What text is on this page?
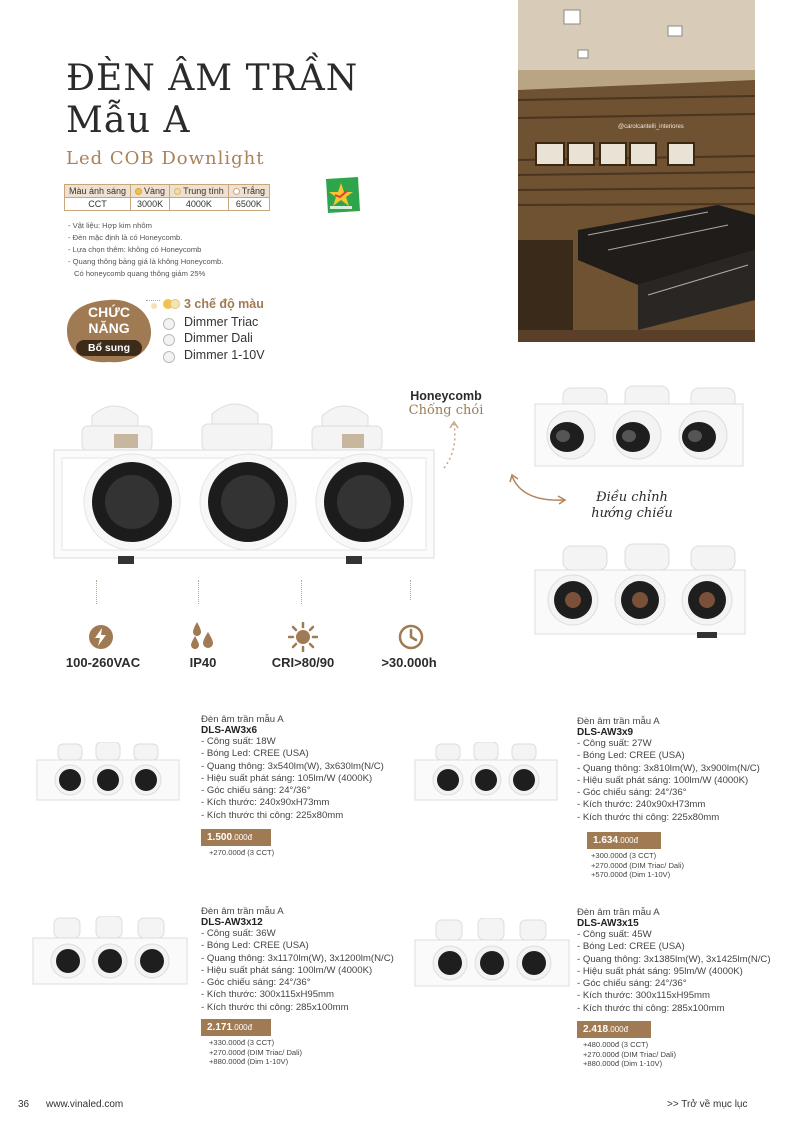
ĐÈN ÂM TRẦN
Mẫu A
Led COB Downlight
Màu ánh sáng	Vàng	Trung tính	Trắng
CCT	3000K	4000K	6500K
- Vật liệu: Hợp kim nhôm
- Đèn mặc định là có Honeycomb.
- Lựa chọn thêm: không có Honeycomb
- Quang thông bảng giá là không Honeycomb.
Có honeycomb quang thông giảm 25%
@carolcantelli_interiores
CHỨC
NĂNG
Bổ sung
3 chế độ màu
Dimmer Triac
Dimmer Dali
Dimmer 1-10V
Honeycomb
Chống chói
Điều chỉnh
hướng chiếu
100-260VAC	IP40	CRI>80/90	>30.000h
Đèn âm trần mẫu A
DLS-AW3x6
- Công suất: 18W
- Bóng Led: CREE (USA)
- Quang thông: 3x540lm(W), 3x630lm(N/C)
- Hiệu suất phát sáng: 105lm/W (4000K)
- Góc chiếu sáng: 24°/36°
- Kích thước: 240x90xH73mm
- Kích thước thi công: 225x80mm
1.500.000đ
+270.000đ (3 CCT)
Đèn âm trần mẫu A
DLS-AW3x9
- Công suất: 27W
- Bóng Led: CREE (USA)
- Quang thông: 3x810lm(W), 3x900lm(N/C)
- Hiệu suất phát sáng: 100lm/W (4000K)
- Góc chiếu sáng: 24°/36°
- Kích thước: 240x90xH73mm
- Kích thước thi công: 225x80mm
1.634.000đ
+300.000đ (3 CCT)
+270.000đ (DIM Triac/ Dali)
+570.000đ (Dim 1-10V)
Đèn âm trần mẫu A
DLS-AW3x12
- Công suất: 36W
- Bóng Led: CREE (USA)
- Quang thông: 3x1170lm(W), 3x1200lm(N/C)
- Hiệu suất phát sáng: 100lm/W (4000K)
- Góc chiếu sáng: 24°/36°
- Kích thước: 300x115xH95mm
- Kích thước thi công: 285x100mm
2.171.000đ
+330.000đ (3 CCT)
+270.000đ (DIM Triac/ Dali)
+880.000đ (Dim 1-10V)
Đèn âm trần mẫu A
DLS-AW3x15
- Công suất: 45W
- Bóng Led: CREE (USA)
- Quang thông: 3x1385lm(W), 3x1425lm(N/C)
- Hiệu suất phát sáng: 95lm/W (4000K)
- Góc chiếu sáng: 24°/36°
- Kích thước: 300x115xH95mm
- Kích thước thi công: 285x100mm
2.418.000đ
+480.000đ (3 CCT)
+270.000đ (DIM Triac/ Dali)
+880.000đ (Dim 1-10V)
36 www.vinaled.com	>> Trở về mục lục
